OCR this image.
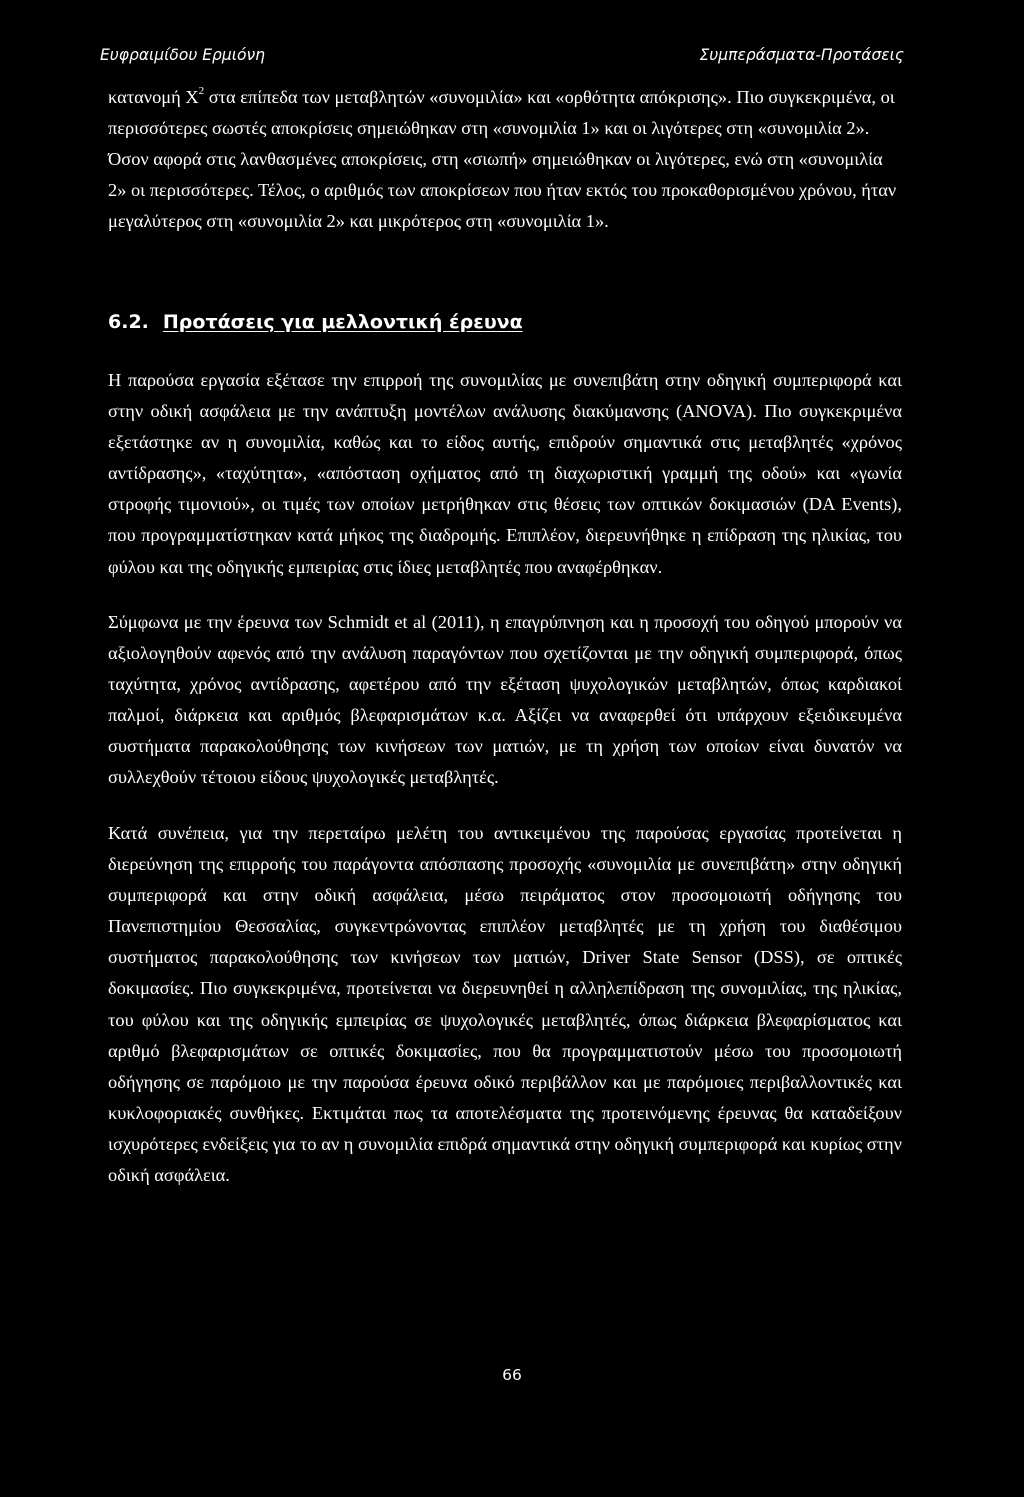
Ευφραιμίδου Ερμιόνη	Συμπεράσματα-Προτάσεις

κατανομή $X^2$ στα επίπεδα των μεταβλητών «συνομιλία» και «ορθότητα απόκρισης». Πιο συγκεκριμένα, οι περισσότερες σωστές αποκρίσεις σημειώθηκαν στη «συνομιλία 1» και οι λιγότερες στη «συνομιλία 2». Όσον αφορά στις λανθασμένες αποκρίσεις, στη «σιωπή» σημειώθηκαν οι λιγότερες, ενώ στη «συνομιλία 2» οι περισσότερες. Τέλος, ο αριθμός των αποκρίσεων που ήταν εκτός του προκαθορισμένου χρόνου, ήταν μεγαλύτερος στη «συνομιλία 2» και μικρότερος στη «συνομιλία 1».

6.2. Προτάσεις για μελλοντική έρευνα

Η παρούσα εργασία εξέτασε την επιρροή της συνομιλίας με συνεπιβάτη στην οδηγική συμπεριφορά και στην οδική ασφάλεια με την ανάπτυξη μοντέλων ανάλυσης διακύμανσης (ANOVA). Πιο συγκεκριμένα εξετάστηκε αν η συνομιλία, καθώς και το είδος αυτής, επιδρούν σημαντικά στις μεταβλητές «χρόνος αντίδρασης», «ταχύτητα», «απόσταση οχήματος από τη διαχωριστική γραμμή της οδού» και «γωνία στροφής τιμονιού», οι τιμές των οποίων μετρήθηκαν στις θέσεις των οπτικών δοκιμασιών (DA Events), που προγραμματίστηκαν κατά μήκος της διαδρομής. Επιπλέον, διερευνήθηκε η επίδραση της ηλικίας, του φύλου και της οδηγικής εμπειρίας στις ίδιες μεταβλητές που αναφέρθηκαν.

Σύμφωνα με την έρευνα των Schmidt et al (2011), η επαγρύπνηση και η προσοχή του οδηγού μπορούν να αξιολογηθούν αφενός από την ανάλυση παραγόντων που σχετίζονται με την οδηγική συμπεριφορά, όπως ταχύτητα, χρόνος αντίδρασης, αφετέρου από την εξέταση ψυχολογικών μεταβλητών, όπως καρδιακοί παλμοί, διάρκεια και αριθμός βλεφαρισμάτων κ.α. Αξίζει να αναφερθεί ότι υπάρχουν εξειδικευμένα συστήματα παρακολούθησης των κινήσεων των ματιών, με τη χρήση των οποίων είναι δυνατόν να συλλεχθούν τέτοιου είδους ψυχολογικές μεταβλητές.

Κατά συνέπεια, για την περεταίρω μελέτη του αντικειμένου της παρούσας εργασίας προτείνεται η διερεύνηση της επιρροής του παράγοντα απόσπασης προσοχής «συνομιλία με συνεπιβάτη» στην οδηγική συμπεριφορά και στην οδική ασφάλεια, μέσω πειράματος στον προσομοιωτή οδήγησης του Πανεπιστημίου Θεσσαλίας, συγκεντρώνοντας επιπλέον μεταβλητές με τη χρήση του διαθέσιμου συστήματος παρακολούθησης των κινήσεων των ματιών, Driver State Sensor (DSS), σε οπτικές δοκιμασίες. Πιο συγκεκριμένα, προτείνεται να διερευνηθεί η αλληλεπίδραση της συνομιλίας, της ηλικίας, του φύλου και της οδηγικής εμπειρίας σε ψυχολογικές μεταβλητές, όπως διάρκεια βλεφαρίσματος και αριθμό βλεφαρισμάτων σε οπτικές δοκιμασίες, που θα προγραμματιστούν μέσω του προσομοιωτή οδήγησης σε παρόμοιο με την παρούσα έρευνα οδικό περιβάλλον και με παρόμοιες περιβαλλοντικές και κυκλοφοριακές συνθήκες. Εκτιμάται πως τα αποτελέσματα της προτεινόμενης έρευνας θα καταδείξουν ισχυρότερες ενδείξεις για το αν η συνομιλία επιδρά σημαντικά στην οδηγική συμπεριφορά και κυρίως στην οδική ασφάλεια.

66
